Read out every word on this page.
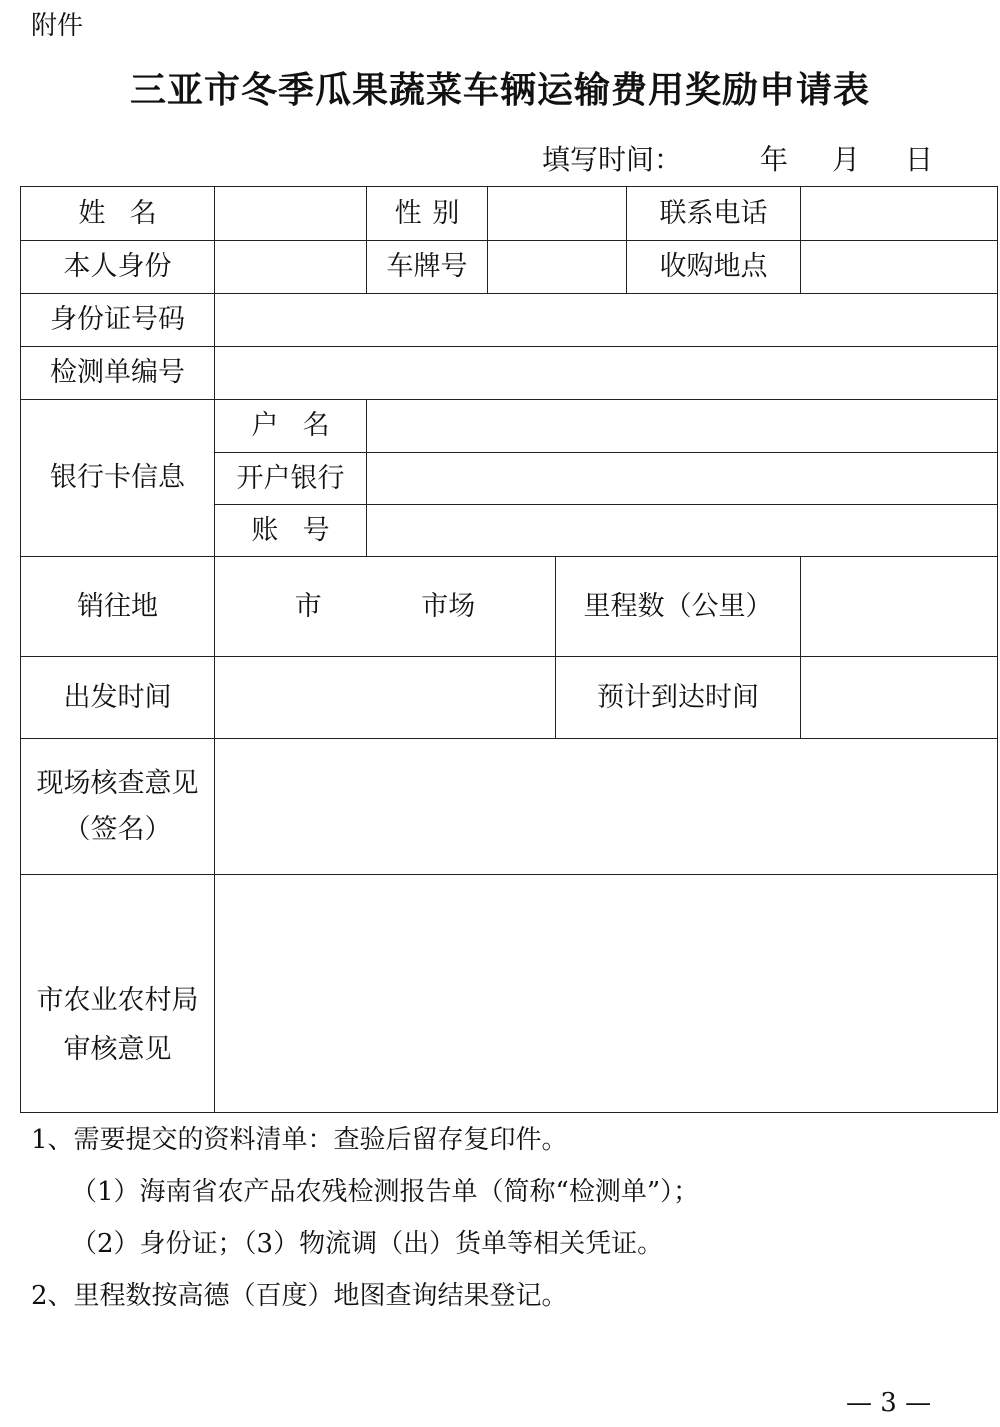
附件
三亚市冬季瓜果蔬菜车辆运输费用奖励申请表
填写时间：	年 月 日
姓名		性别			联系电话	
本人身份		车牌号			收购地点	
身份证号码						
检测单编号						
银行卡信息	户名					
	开户银行					
	账号					
销往地	市 市场			里程数（公里）		
出发时间				预计到达时间		

现场核查意见
（签名）						

市农业农村局
审核意见						

1、需要提交的资料清单：查验后留存复印件。
（1）海南省农产品农残检测报告单（简称“检测单”）；
（2）身份证；（3）物流调（出）货单等相关凭证。
2、里程数按高德（百度）地图查询结果登记。
— 3 —
